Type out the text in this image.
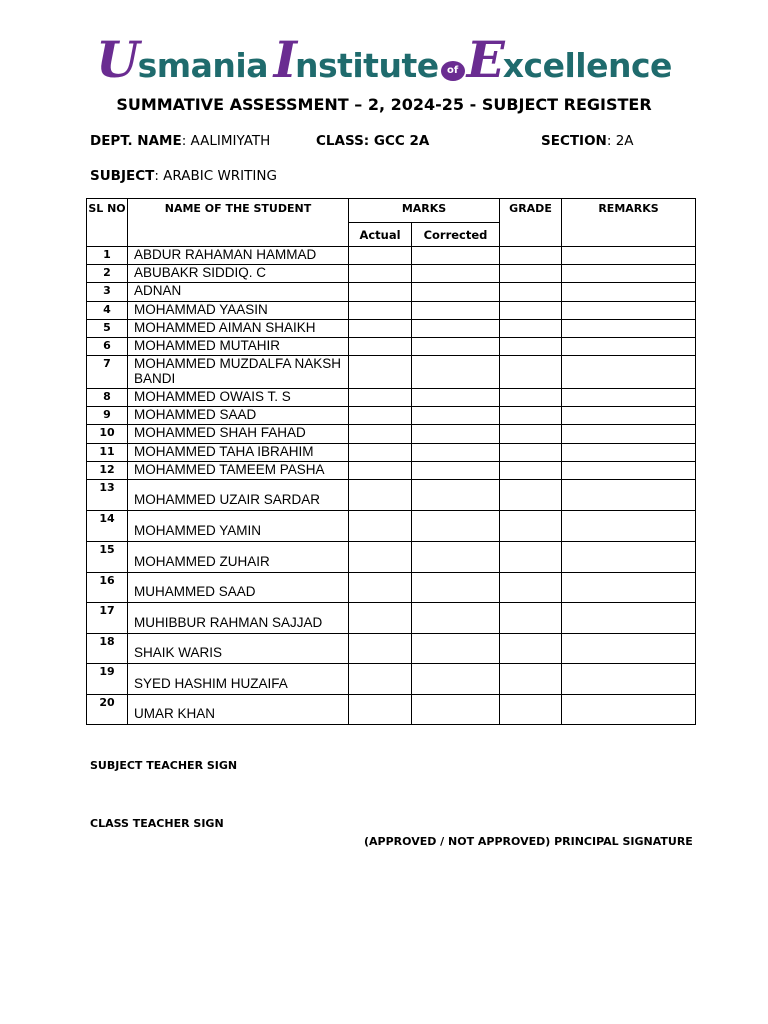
Usmania Institute of Excellence
SUMMATIVE ASSESSMENT – 2, 2024-25 - SUBJECT REGISTER
DEPT. NAME: AALIMIYATH	CLASS: GCC 2A	SECTION: 2A
SUBJECT: ARABIC WRITING
SL NO	NAME OF THE STUDENT	MARKS		GRADE	REMARKS
		Actual	Corrected		
1	ABDUR RAHAMAN HAMMAD				
2	ABUBAKR SIDDIQ. C				
3	ADNAN				
4	MOHAMMAD YAASIN				
5	MOHAMMED AIMAN SHAIKH				
6	MOHAMMED MUTAHIR				
7	MOHAMMED MUZDALFA NAKSH BANDI				
8	MOHAMMED OWAIS T. S				
9	MOHAMMED SAAD				
10	MOHAMMED SHAH FAHAD				
11	MOHAMMED TAHA IBRAHIM				
12	MOHAMMED TAMEEM PASHA				
13	MOHAMMED UZAIR SARDAR				
14	MOHAMMED YAMIN				
15	MOHAMMED ZUHAIR				
16	MUHAMMED SAAD				
17	MUHIBBUR RAHMAN SAJJAD				
18	SHAIK WARIS				
19	SYED HASHIM HUZAIFA				
20	UMAR KHAN				
SUBJECT TEACHER SIGN
CLASS TEACHER SIGN
(APPROVED / NOT APPROVED) PRINCIPAL SIGNATURE
